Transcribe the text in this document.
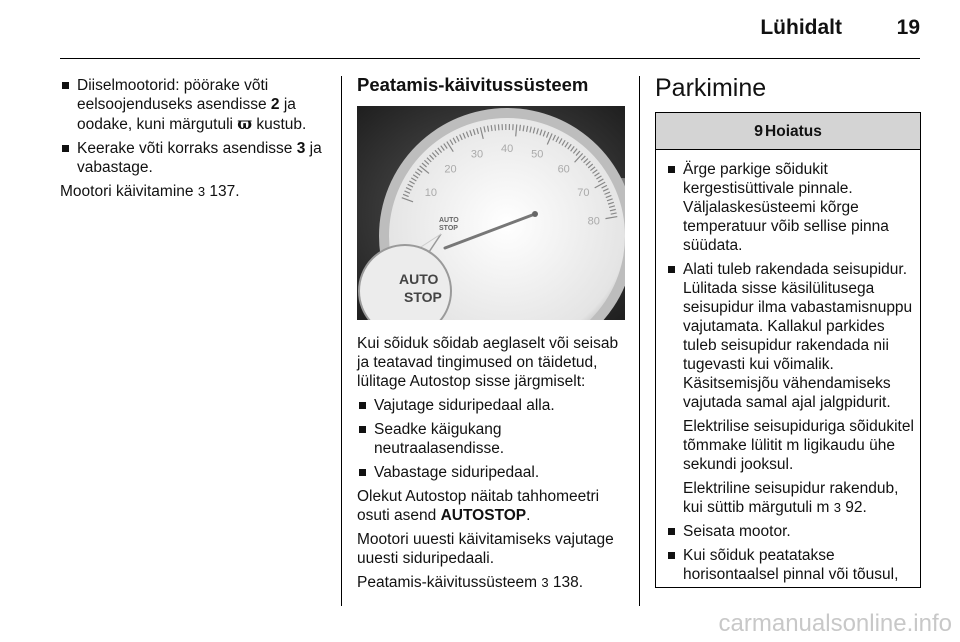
Lühidalt	19
Diiselmootorid: pöörake võti eelsoojenduseks asendisse 2 ja oodake, kuni märgutuli ϖ kustub.
Keerake võti korraks asendisse 3 ja vabastage.
Mootori käivitamine 3 137.
Peatamis-käivitussüsteem
10
20
30 40 50
60
70
80
AUTO
STOP
AUTO
STOP
Kui sõiduk sõidab aeglaselt või seisab ja teatavad tingimused on täidetud, lülitage Autostop sisse järgmiselt:
Vajutage siduripedaal alla.
Seadke käigukang neutraalasendisse.
Vabastage siduripedaal.
Olekut Autostop näitab tahhomeetri osuti asend AUTOSTOP.
Mootori uuesti käivitamiseks vajutage uuesti siduripedaali.
Peatamis-käivitussüsteem 3 138.
Parkimine
9 Hoiatus
Ärge parkige sõidukit kergestisüttivale pinnale. Väljalaskesüsteemi kõrge temperatuur võib sellise pinna süüdata.
Alati tuleb rakendada seisupidur. Lülitada sisse käsilülitusega seisupidur ilma vabastamisnuppu vajutamata. Kallakul parkides tuleb seisupidur rakendada nii tugevasti kui võimalik. Käsitsemisjõu vähendamiseks vajutada samal ajal jalgpidurit.
Elektrilise seisupiduriga sõidukitel tõmmake lülitit m ligikaudu ühe sekundi jooksul.
Elektriline seisupidur rakendub, kui süttib märgutuli m 3 92.
Seisata mootor.
Kui sõiduk peatatakse horisontaalsel pinnal või tõusul,
carmanualsonline.info
